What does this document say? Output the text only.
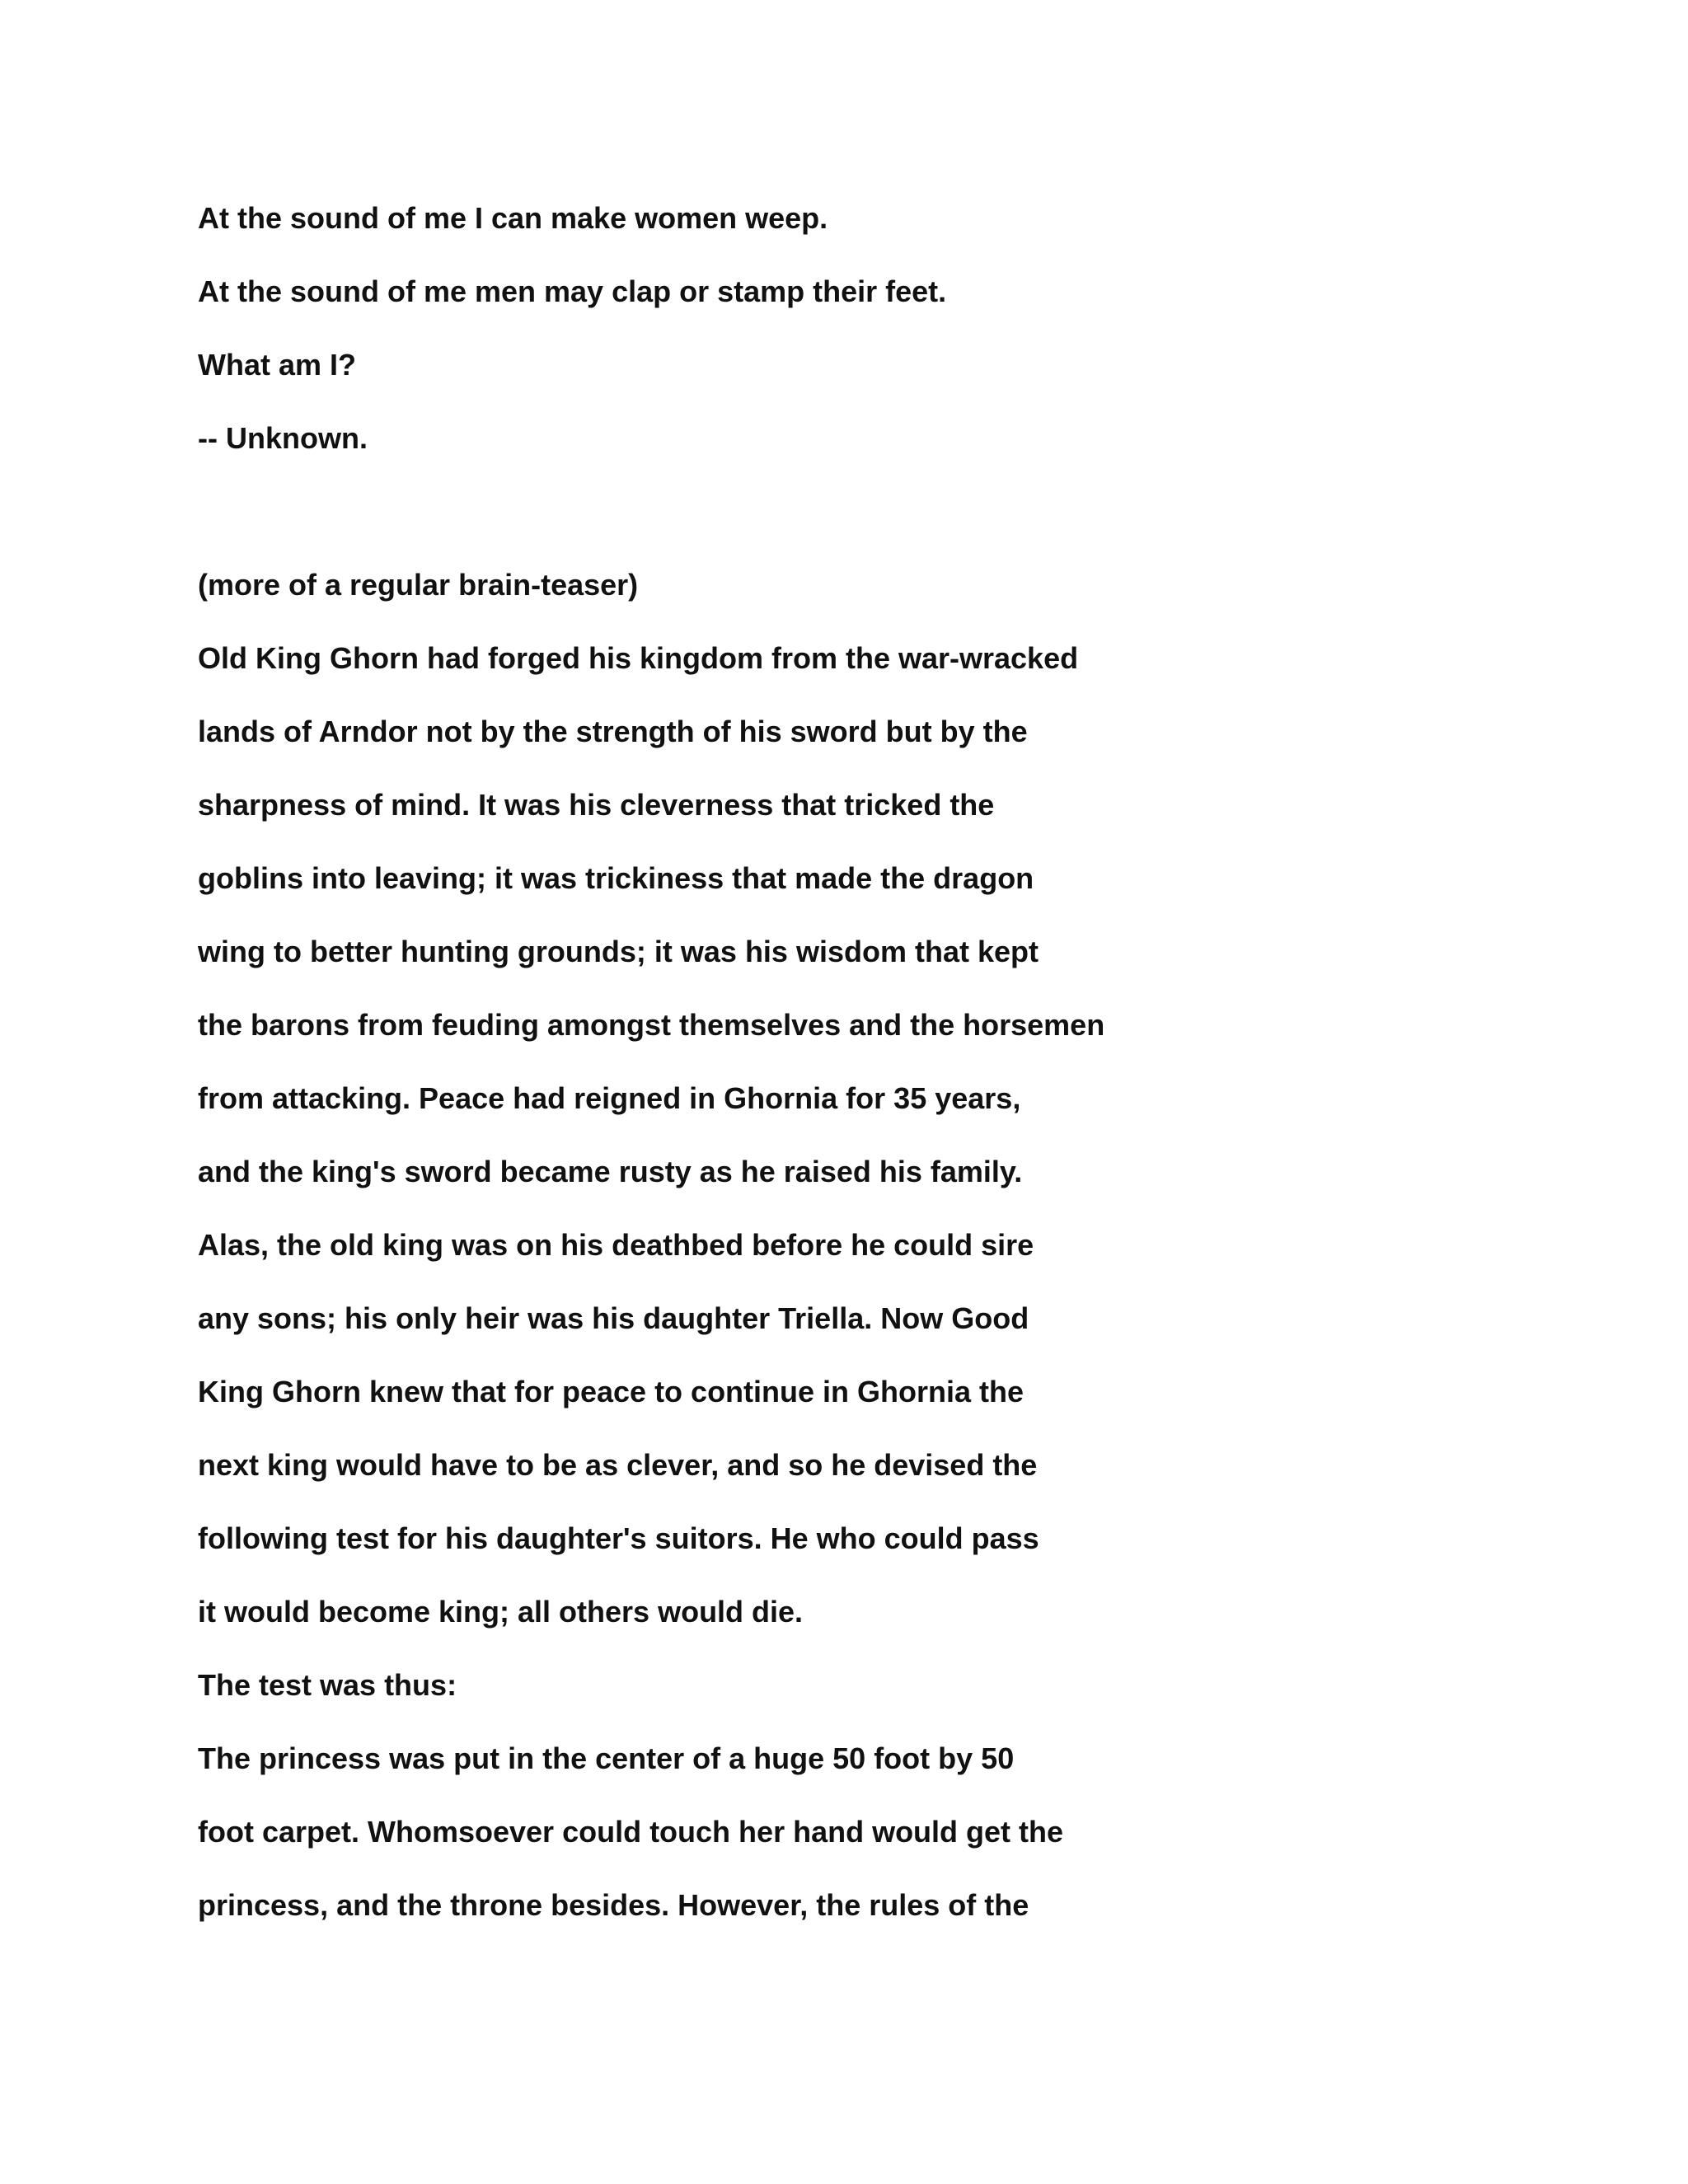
At the sound of me I can make women weep.

At the sound of me men may clap or stamp their feet.

What am I?

-- Unknown.

(more of a regular brain-teaser)

Old King Ghorn had forged his kingdom from the war-wracked

lands of Arndor not by the strength of his sword but by the

sharpness of mind. It was his cleverness that tricked the

goblins into leaving; it was trickiness that made the dragon

wing to better hunting grounds; it was his wisdom that kept

the barons from feuding amongst themselves and the horsemen

from attacking. Peace had reigned in Ghornia for 35 years,

and the king's sword became rusty as he raised his family.

Alas, the old king was on his deathbed before he could sire

any sons; his only heir was his daughter Triella. Now Good

King Ghorn knew that for peace to continue in Ghornia the

next king would have to be as clever, and so he devised the

following test for his daughter's suitors. He who could pass

it would become king; all others would die.

The test was thus:

The princess was put in the center of a huge 50 foot by 50

foot carpet. Whomsoever could touch her hand would get the

princess, and the throne besides. However, the rules of the
